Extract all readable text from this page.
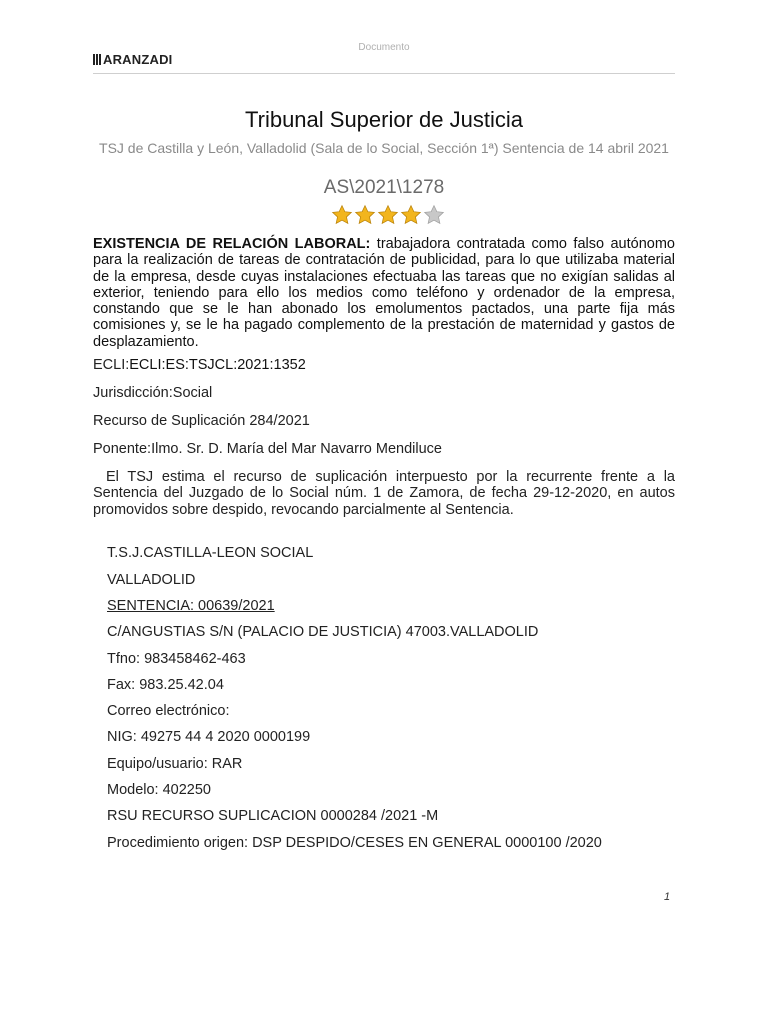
Documento
ARANZADI
Tribunal Superior de Justicia
TSJ de Castilla y León, Valladolid (Sala de lo Social, Sección 1ª) Sentencia de 14 abril 2021
AS\2021\1278
EXISTENCIA DE RELACIÓN LABORAL: trabajadora contratada como falso autónomo para la realización de tareas de contratación de publicidad, para lo que utilizaba material de la empresa, desde cuyas instalaciones efectuaba las tareas que no exigían salidas al exterior, teniendo para ello los medios como teléfono y ordenador de la empresa, constando que se le han abonado los emolumentos pactados, una parte fija más comisiones y, se le ha pagado complemento de la prestación de maternidad y gastos de desplazamiento.
ECLI:ECLI:ES:TSJCL:2021:1352
Jurisdicción:Social
Recurso de Suplicación 284/2021
Ponente:Ilmo. Sr. D. María del Mar Navarro Mendiluce
El TSJ estima el recurso de suplicación interpuesto por la recurrente frente a la Sentencia del Juzgado de lo Social núm. 1 de Zamora, de fecha 29-12-2020, en autos promovidos sobre despido, revocando parcialmente al Sentencia.
T.S.J.CASTILLA-LEON SOCIAL
VALLADOLID
SENTENCIA: 00639/2021
C/ANGUSTIAS S/N (PALACIO DE JUSTICIA) 47003.VALLADOLID
Tfno: 983458462-463
Fax: 983.25.42.04
Correo electrónico:
NIG: 49275 44 4 2020 0000199
Equipo/usuario: RAR
Modelo: 402250
RSU RECURSO SUPLICACION 0000284 /2021 -M
Procedimiento origen: DSP DESPIDO/CESES EN GENERAL 0000100 /2020
1
